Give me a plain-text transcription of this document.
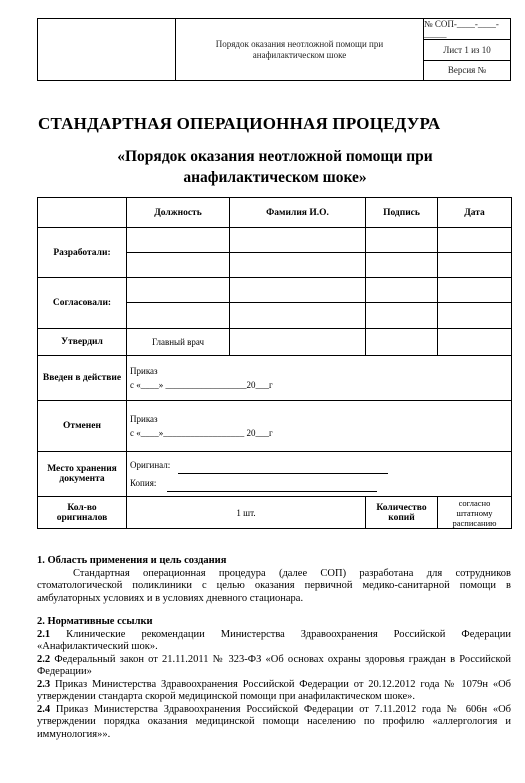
Порядок оказания неотложной помощи при анафилактическом шоке
№ СОП-____-____-_____
Лист 1 из 10
Версия №
СТАНДАРТНАЯ ОПЕРАЦИОННАЯ ПРОЦЕДУРА
«Порядок оказания неотложной помощи при анафилактическом шоке»
	Должность	Фамилия И.О.	Подпись	Дата
Разработали:				

Согласовали:				

Утвердил	Главный врач			
Введен в действие	Приказ
с «____» __________________20___г			

Отменен	Приказ
с «____»__________________ 20___г			

Место хранения документа	Оригинал:
Копия:			

Кол-во оригиналов	1 шт.		Количество копий	согласно штатному расписанию

1. Область применения и цель создания

Стандартная операционная процедура (далее СОП) разработана для сотрудников стоматологической поликлиники с целью оказания первичной медико-санитарной помощи в амбулаторных условиях и в условиях дневного стационара.

2. Нормативные ссылки

2.1 Клинические рекомендации Министерства Здравоохранения Российской Федерации «Анафилактический шок».

2.2 Федеральный закон от 21.11.2011 № 323-ФЗ «Об основах охраны здоровья граждан в Российской Федерации»

2.3 Приказ Министерства Здравоохранения Российской Федерации от 20.12.2012 года № 1079н «Об утверждении стандарта скорой медицинской помощи при анафилактическом шоке».

2.4 Приказ Министерства Здравоохранения Российской Федерации от 7.11.2012 года № 606н «Об утверждении порядка оказания медицинской помощи населению по профилю «аллергология и иммунология»».
